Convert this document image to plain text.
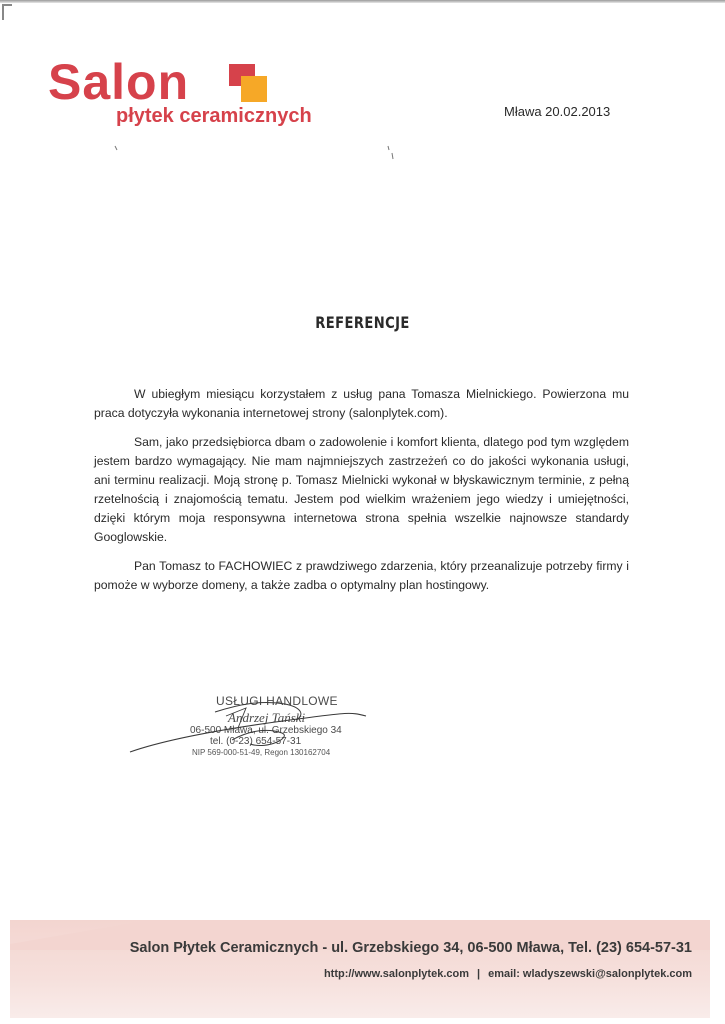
Salon
płytek ceramicznych	Mława 20.02.2013
REFERENCJE

W ubiegłym miesiącu korzystałem z usług pana Tomasza Mielnickiego. Powierzona mu praca dotyczyła wykonania internetowej strony (salonplytek.com).

Sam, jako przedsiębiorca dbam o zadowolenie i komfort klienta, dlatego pod tym względem jestem bardzo wymagający. Nie mam najmniejszych zastrzeżeń co do jakości wykonania usługi, ani terminu realizacji. Moją stronę p. Tomasz Mielnicki wykonał w błyskawicznym terminie, z pełną rzetelnością i znajomością tematu. Jestem pod wielkim wrażeniem jego wiedzy i umiejętności, dzięki którym moja responsywna internetowa strona spełnia wszelkie najnowsze standardy Googlowskie.

Pan Tomasz to FACHOWIEC z prawdziwego zdarzenia, który przeanalizuje potrzeby firmy i pomoże w wyborze domeny, a także zadba o optymalny plan hostingowy.

USŁUGI HANDLOWE
Andrzej Tański
06-500 Mława, ul. Grzebskiego 34
tel. (0-23) 654-57-31
NIP 569-000-51-49, Regon 130162704
Salon Płytek Ceramicznych - ul. Grzebskiego 34, 06-500 Mława, Tel. (23) 654-57-31
http://www.salonplytek.com | email: wladyszewski@salonplytek.com
